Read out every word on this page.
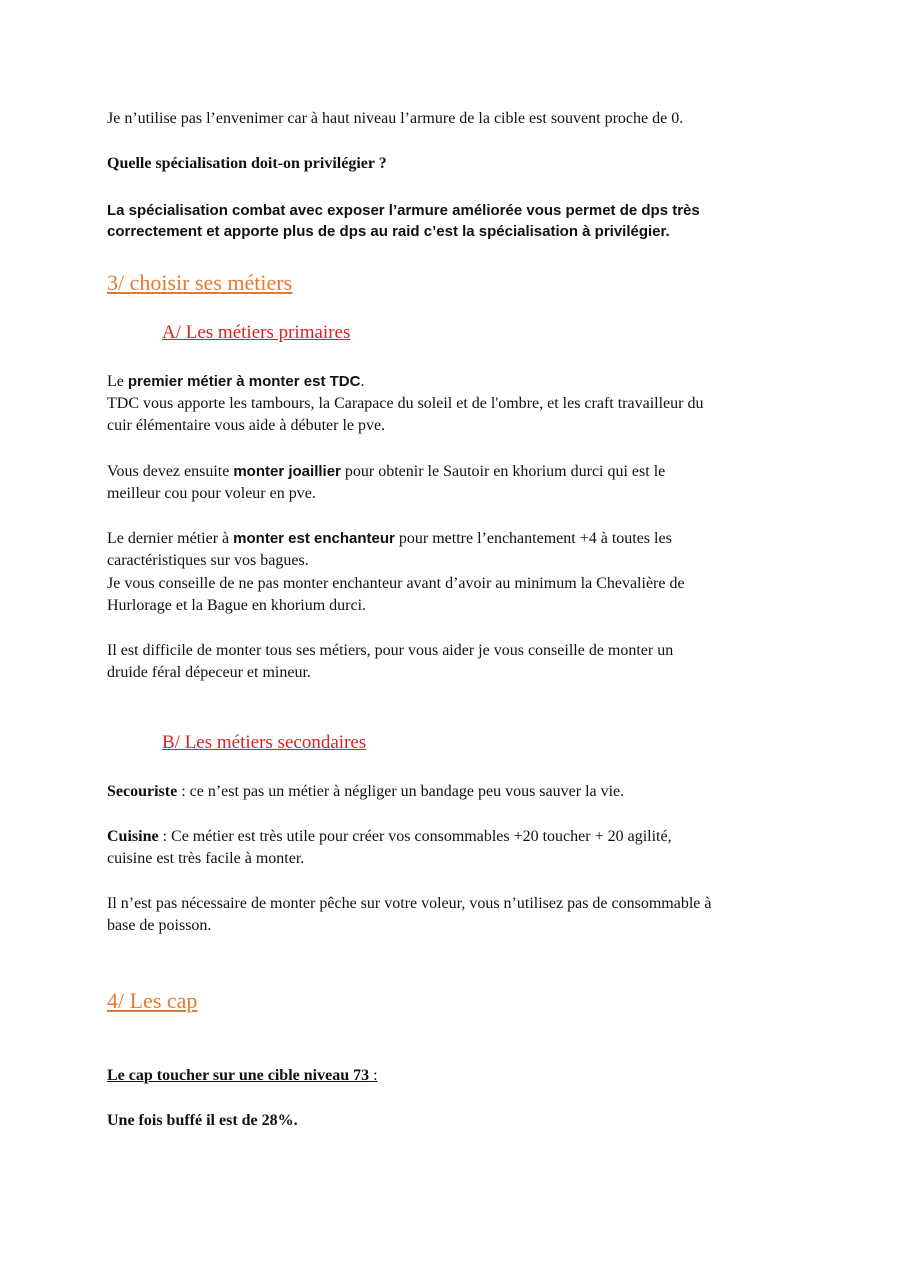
Je n’utilise pas l’envenimer car à haut niveau l’armure de la cible est souvent proche de 0.
Quelle spécialisation doit-on privilégier ?
La spécialisation combat avec exposer l’armure améliorée vous permet de dps très
correctement et apporte plus de dps au raid c’est la spécialisation à privilégier.
3/ choisir ses métiers
A/ Les métiers primaires
Le premier métier à monter est TDC.
TDC vous apporte les tambours, la Carapace du soleil et de l'ombre, et les craft travailleur du
cuir élémentaire vous aide à débuter le pve.
Vous devez ensuite monter joaillier pour obtenir le Sautoir en khorium durci qui est le
meilleur cou pour voleur en pve.
Le dernier métier à monter est enchanteur pour mettre l’enchantement +4 à toutes les
caractéristiques sur vos bagues.
Je vous conseille de ne pas monter enchanteur avant d’avoir au minimum la Chevalière de
Hurlorage et la Bague en khorium durci.
Il est difficile de monter tous ses métiers, pour vous aider je vous conseille de monter un
druide féral dépeceur et mineur.
B/ Les métiers secondaires
Secouriste : ce n’est pas un métier à négliger un bandage peu vous sauver la vie.
Cuisine : Ce métier est très utile pour créer vos consommables +20 toucher + 20 agilité,
cuisine est très facile à monter.
Il n’est pas nécessaire de monter pêche sur votre voleur, vous n’utilisez pas de consommable à
base de poisson.
4/ Les cap
Le cap toucher sur une cible niveau 73 :
Une fois buffé il est de 28%.
